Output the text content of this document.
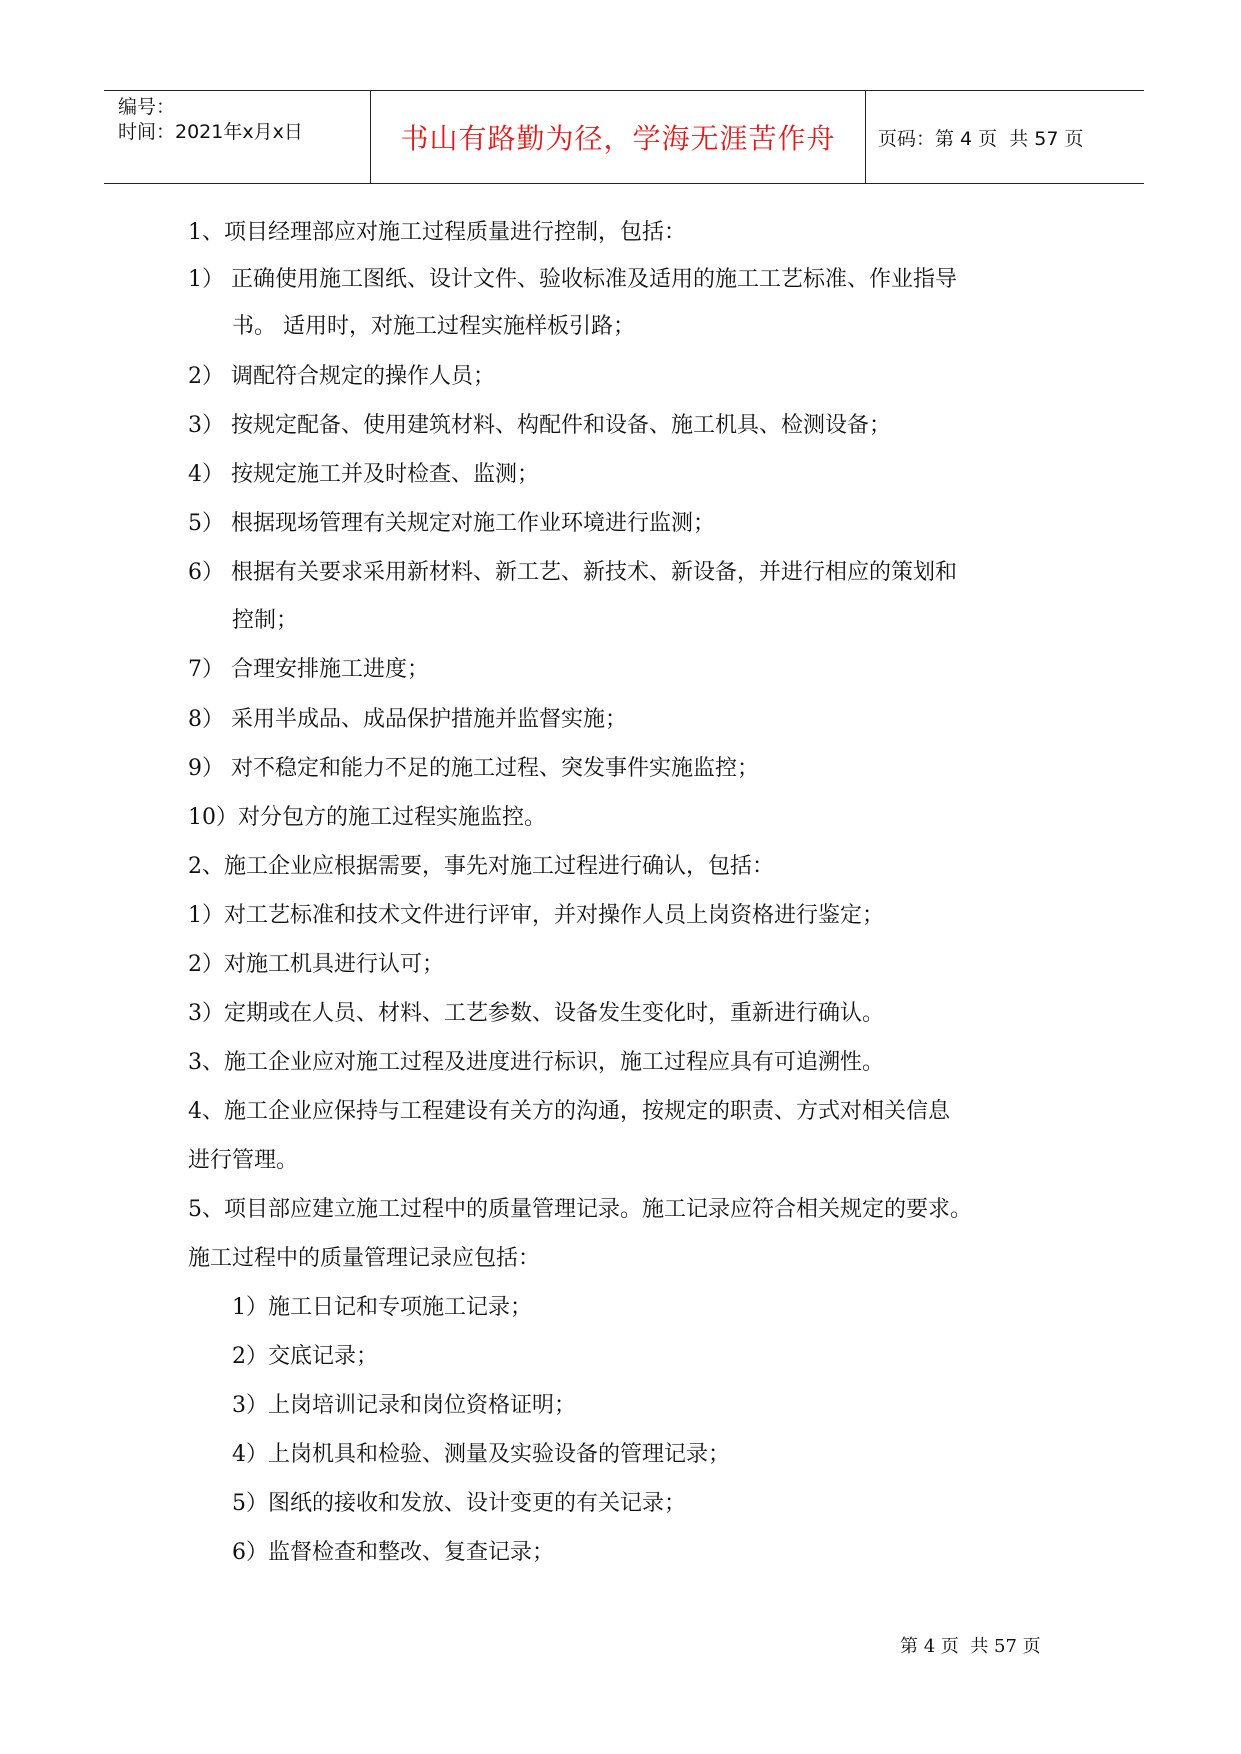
编号：
时间：2021年x月x日	书山有路勤为径，学海无涯苦作舟	页码：第 4 页  共 57 页
1、项目经理部应对施工过程质量进行控制，包括：
1） 正确使用施工图纸、设计文件、验收标准及适用的施工工艺标准、作业指导
书。 适用时，对施工过程实施样板引路；
2） 调配符合规定的操作人员；
3） 按规定配备、使用建筑材料、构配件和设备、施工机具、检测设备；
4） 按规定施工并及时检查、监测；
5） 根据现场管理有关规定对施工作业环境进行监测；
6） 根据有关要求采用新材料、新工艺、新技术、新设备，并进行相应的策划和
控制；
7） 合理安排施工进度；
8） 采用半成品、成品保护措施并监督实施；
9） 对不稳定和能力不足的施工过程、突发事件实施监控；
10）对分包方的施工过程实施监控。
2、施工企业应根据需要，事先对施工过程进行确认，包括：
1）对工艺标准和技术文件进行评审，并对操作人员上岗资格进行鉴定；
2）对施工机具进行认可；
3）定期或在人员、材料、工艺参数、设备发生变化时，重新进行确认。
3、施工企业应对施工过程及进度进行标识，施工过程应具有可追溯性。
4、施工企业应保持与工程建设有关方的沟通，按规定的职责、方式对相关信息
进行管理。
5、项目部应建立施工过程中的质量管理记录。施工记录应符合相关规定的要求。
施工过程中的质量管理记录应包括：
1）施工日记和专项施工记录；
2）交底记录；
3）上岗培训记录和岗位资格证明；
4）上岗机具和检验、测量及实验设备的管理记录；
5）图纸的接收和发放、设计变更的有关记录；
6）监督检查和整改、复查记录；
第 4 页  共 57 页
